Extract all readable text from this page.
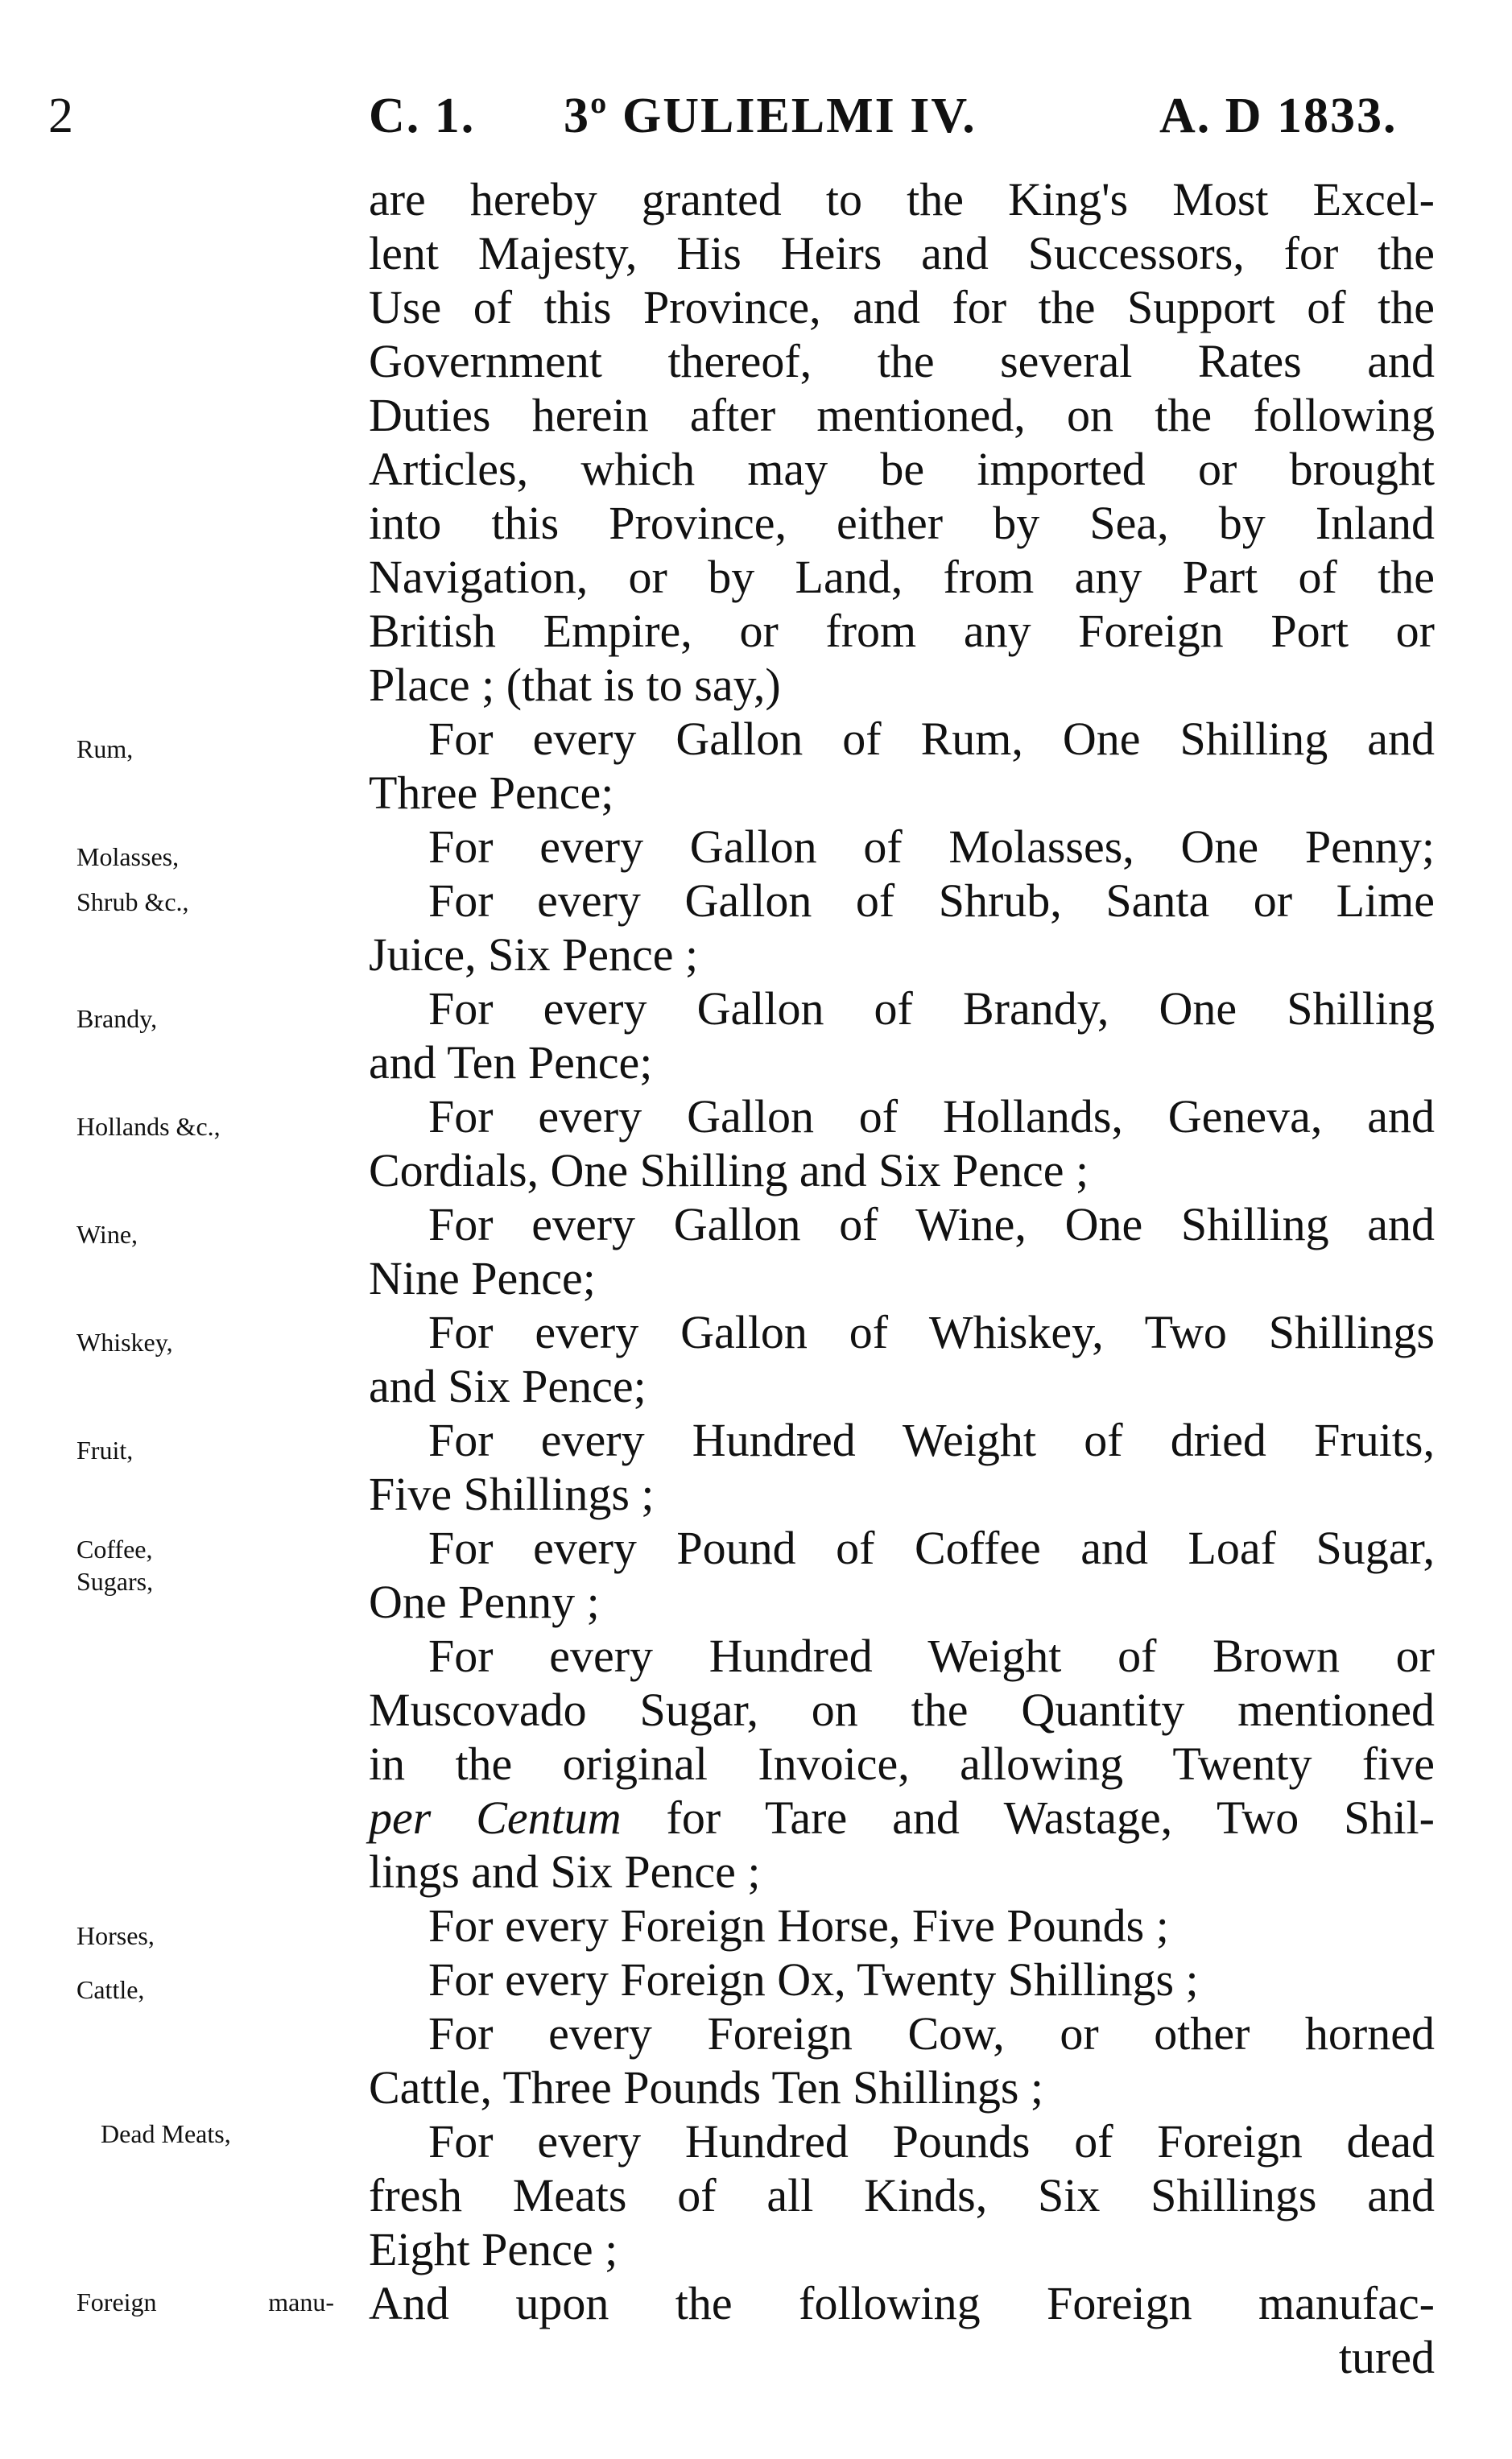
2	C. 1. 3º GULIELMI IV.	A. D 1833.
are hereby granted to the King's Most Excel-
lent Majesty, His Heirs and Successors, for the
Use of this Province, and for the Support of the
Government thereof, the several Rates and
Duties herein after mentioned, on the following
Articles, which may be imported or brought
into this Province, either by Sea, by Inland
Navigation, or by Land, from any Part of the
British Empire, or from any Foreign Port or
Place ; (that is to say,)
Rum,	For every Gallon of Rum, One Shilling and
Three Pence;
Molasses,	For every Gallon of Molasses, One Penny;
Shrub &c.,	For every Gallon of Shrub, Santa or Lime
Juice, Six Pence ;
Brandy,	For every Gallon of Brandy, One Shilling
and Ten Pence;
Hollands &c.,	For every Gallon of Hollands, Geneva, and
Cordials, One Shilling and Six Pence ;
Wine,	For every Gallon of Wine, One Shilling and
Nine Pence;
Whiskey,	For every Gallon of Whiskey, Two Shillings
and Six Pence;
Fruit,	For every Hundred Weight of dried Fruits,
Five Shillings ;
Coffee,
Sugars,
For every Pound of Coffee and Loaf Sugar,
One Penny ;
For every Hundred Weight of Brown or
Muscovado Sugar, on the Quantity mentioned
in the original Invoice, allowing Twenty five
per Centum for Tare and Wastage, Two Shil-
lings and Six Pence ;
Horses,	For every Foreign Horse, Five Pounds ;
Cattle,	For every Foreign Ox, Twenty Shillings ;
For every Foreign Cow, or other horned
Cattle, Three Pounds Ten Shillings ;
Dead Meats,	For every Hundred Pounds of Foreign dead
fresh Meats of all Kinds, Six Shillings and
Eight Pence ;
Foreign manu- And upon the following Foreign manufac-
tured
